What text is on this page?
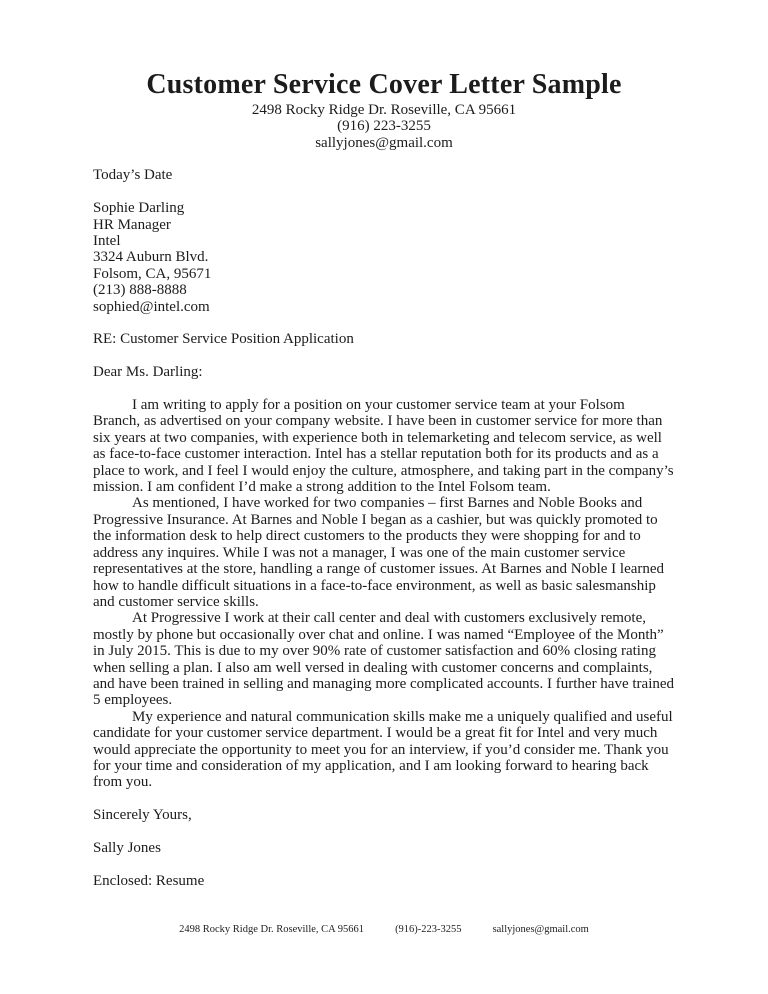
Customer Service Cover Letter Sample
2498 Rocky Ridge Dr. Roseville, CA 95661
(916) 223-3255
sallyjones@gmail.com
Today’s Date
Sophie Darling
HR Manager
Intel
3324 Auburn Blvd.
Folsom, CA, 95671
(213) 888-8888
sophied@intel.com
RE: Customer Service Position Application
Dear Ms. Darling:

I am writing to apply for a position on your customer service team at your Folsom Branch, as advertised on your company website. I have been in customer service for more than six years at two companies, with experience both in telemarketing and telecom service, as well as face-to-face customer interaction. Intel has a stellar reputation both for its products and as a place to work, and I feel I would enjoy the culture, atmosphere, and taking part in the company’s mission. I am confident I’d make a strong addition to the Intel Folsom team.

As mentioned, I have worked for two companies – first Barnes and Noble Books and Progressive Insurance. At Barnes and Noble I began as a cashier, but was quickly promoted to the information desk to help direct customers to the products they were shopping for and to address any inquires. While I was not a manager, I was one of the main customer service representatives at the store, handling a range of customer issues. At Barnes and Noble I learned how to handle difficult situations in a face-to-face environment, as well as basic salesmanship and customer service skills.

At Progressive I work at their call center and deal with customers exclusively remote, mostly by phone but occasionally over chat and online. I was named “Employee of the Month” in July 2015. This is due to my over 90% rate of customer satisfaction and 60% closing rating when selling a plan. I also am well versed in dealing with customer concerns and complaints, and have been trained in selling and managing more complicated accounts. I further have trained 5 employees.

My experience and natural communication skills make me a uniquely qualified and useful candidate for your customer service department. I would be a great fit for Intel and very much would appreciate the opportunity to meet you for an interview, if you’d consider me. Thank you for your time and consideration of my application, and I am looking forward to hearing back from you.

Sincerely Yours,
Sally Jones
Enclosed: Resume
2498 Rocky Ridge Dr. Roseville, CA 95661	(916)-223-3255	sallyjones@gmail.com
